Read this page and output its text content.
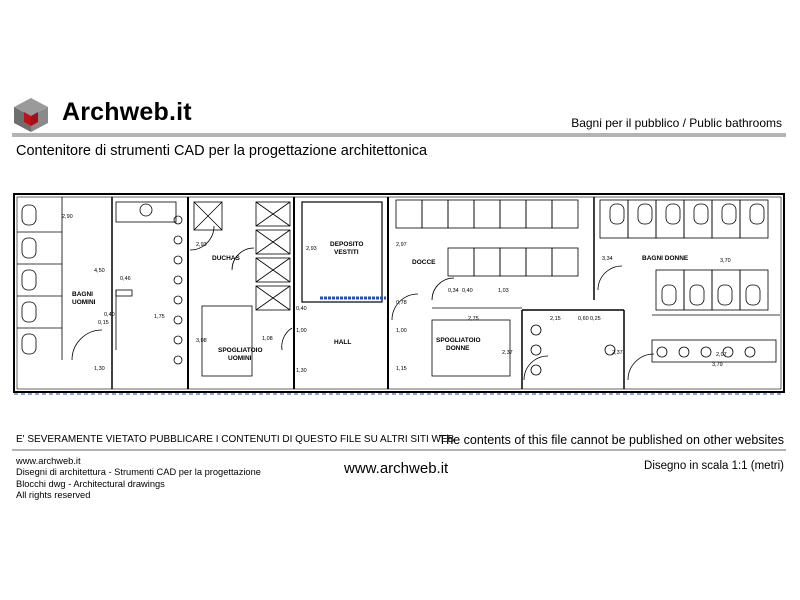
Archweb.it	Bagni per il pubblico / Public bathrooms
Contenitore di strumenti CAD per la progettazione architettonica
BAGNI
UOMINI
DUCHAS
SPOGLIATOIO
UOMINI
DEPOSITO
VESTITI
HALL
DOCCE
SPOGLIATOIO
DONNE
BAGNI DONNE
2,90
4,50
0,46
1,75
0,40
0,15
1,30
2,93
3,08	1,08
0,40
2,93
1,00
1,30
2,97
0,78
1,00
1,15
0,34 0,40	1,03
2,75
2,37
2,15	0,60 0,25
3,34	3,70
2,37	2,07
3,79
E' SEVERAMENTE VIETATO PUBBLICARE I CONTENUTI DI QUESTO FILE SU ALTRI SITI WEB
The contents of this file cannot be published on other websites
www.archweb.it
Disegni di architettura - Strumenti CAD per la progettazione
Blocchi dwg - Architectural drawings
All rights reserved
www.archweb.it	Disegno in scala 1:1 (metri)
